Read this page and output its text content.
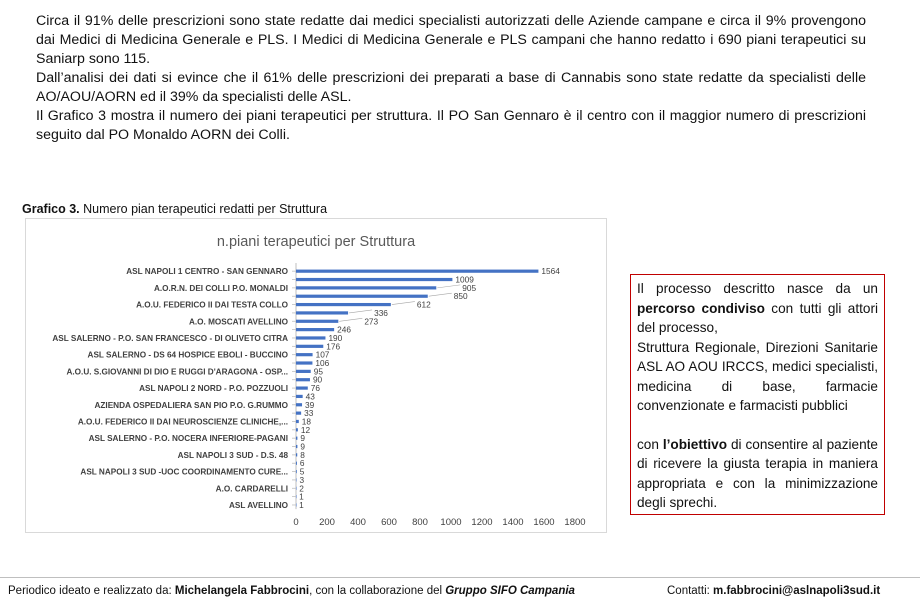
Circa il 91% delle prescrizioni sono state redatte dai medici specialisti autorizzati delle Aziende campane e circa il 9% provengono dai Medici di Medicina Generale e PLS. I Medici di Medicina Generale e PLS campani che hanno redatto i 690 piani terapeutici su Saniarp sono 115.

Dall’analisi dei dati si evince che il 61% delle prescrizioni dei preparati a base di Cannabis sono state redatte da specialisti delle AO/AOU/AORN ed il 39% da specialisti delle ASL.

Il Grafico 3 mostra il numero dei piani terapeutici per struttura. Il PO San Gennaro è il centro con il maggior numero di prescrizioni seguito dal PO Monaldo AORN dei Colli.

Grafico 3. Numero pian terapeutici redatti per Struttura
n.piani terapeutici per Struttura
1564
1009
905
850
612
336
273
246
190
176
107
106
95
90
76
43
39
33
18
12
9
9
8
6
5
3
2
1
1
ASL NAPOLI 1 CENTRO - SAN GENNARO
A.O.R.N. DEI COLLI P.O. MONALDI
A.O.U. FEDERICO II DAI TESTA COLLO
A.O. MOSCATI AVELLINO
ASL SALERNO - P.O. SAN FRANCESCO - DI OLIVETO CITRA
ASL SALERNO - DS 64 HOSPICE EBOLI - BUCCINO
A.O.U. S.GIOVANNI DI DIO E RUGGI D'ARAGONA - OSP...
ASL NAPOLI 2 NORD - P.O. POZZUOLI
AZIENDA OSPEDALIERA SAN PIO P.O. G.RUMMO
A.O.U. FEDERICO II DAI NEUROSCIENZE CLINICHE,...
ASL SALERNO - P.O. NOCERA INFERIORE-PAGANI
ASL NAPOLI 3 SUD - D.S. 48
ASL NAPOLI 3 SUD -UOC COORDINAMENTO CURE...
A.O. CARDARELLI
ASL AVELLINO
0 200 400 600 800 1000 1200 1400 1600 1800

Il processo descritto nasce da un percorso condiviso con tutti gli attori del processo,

Struttura Regionale, Direzioni Sanitarie ASL AO AOU IRCCS, medici specialisti, medicina di base, farmacie convenzionate e farmacisti pubblici

con l’obiettivo di consentire al paziente di ricevere la giusta terapia in maniera appropriata e con la minimizzazione degli sprechi.

Periodico ideato e realizzato da: Michelangela Fabbrocini, con la collaborazione del Gruppo SIFO Campania	Contatti: m.fabbrocini@aslnapoli3sud.it
